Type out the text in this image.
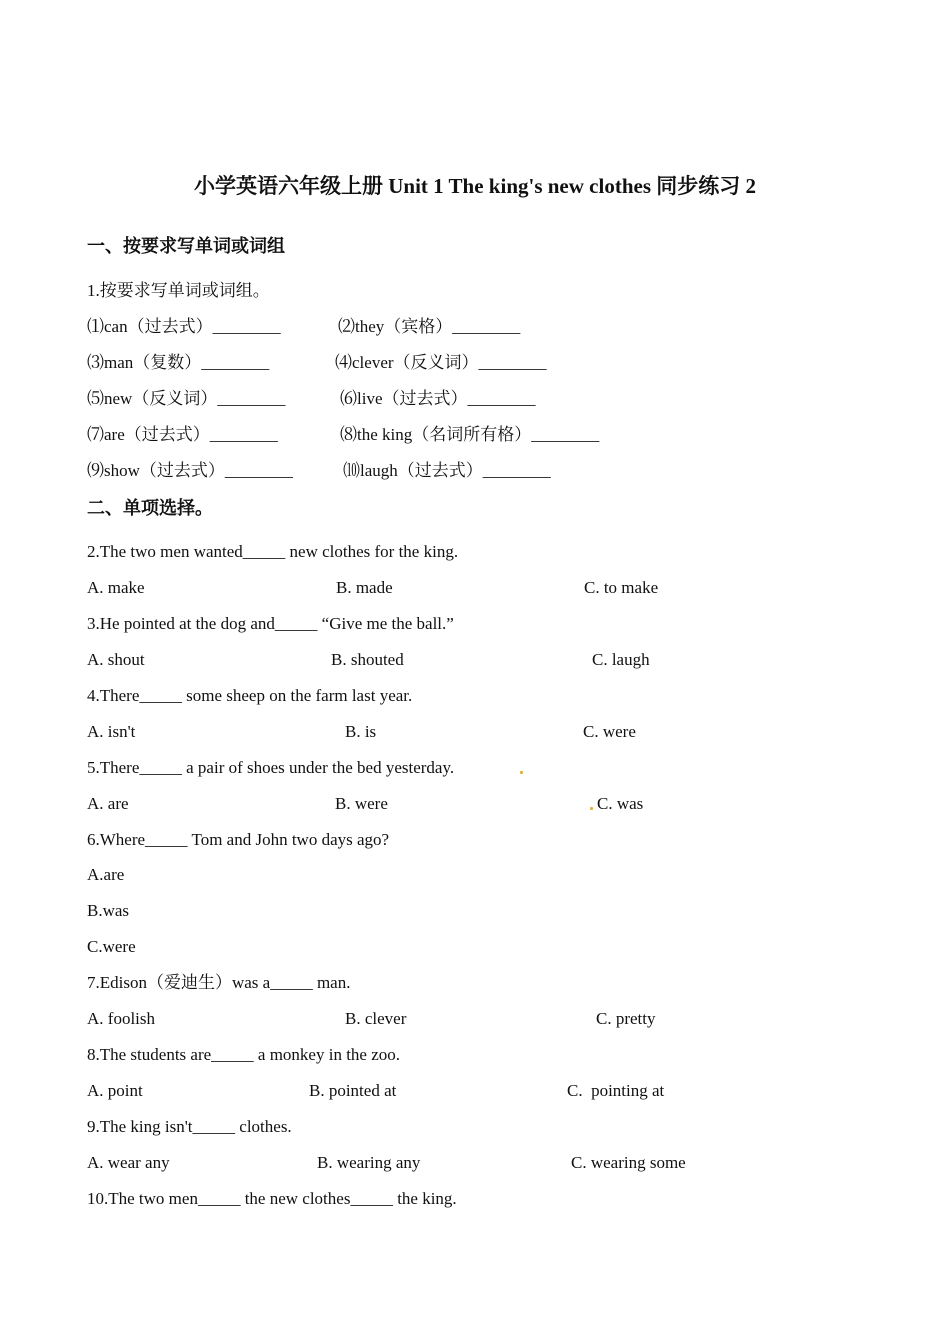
小学英语六年级上册 Unit 1 The king's new clothes 同步练习 2
一、按要求写单词或词组
1.按要求写单词或词组。
⑴can（过去式）________	⑵they（宾格）________
⑶man（复数）________	⑷clever（反义词）________
⑸new（反义词）________	⑹live（过去式）________
⑺are（过去式）________	⑻the king（名词所有格）________
⑼show（过去式）________	⑽laugh（过去式）________
二、单项选择。
2.The two men wanted_____ new clothes for the king.
A. make	B. made	C. to make
3.He pointed at the dog and_____ “Give me the ball.”
A. shout	B. shouted	C. laugh
4.There_____ some sheep on the farm last year.
A. isn't	B. is	C. were
5.There_____ a pair of shoes under the bed yesterday.
A. are	B. were	C. was
6.Where_____ Tom and John two days ago?
A.are
B.was
C.were
7.Edison（爱迪生）was a_____ man.
A. foolish	B. clever	C. pretty
8.The students are_____ a monkey in the zoo.
A. point	B. pointed at	C.  pointing at
9.The king isn't_____ clothes.
A. wear any	B. wearing any	C. wearing some
10.The two men_____ the new clothes_____ the king.
